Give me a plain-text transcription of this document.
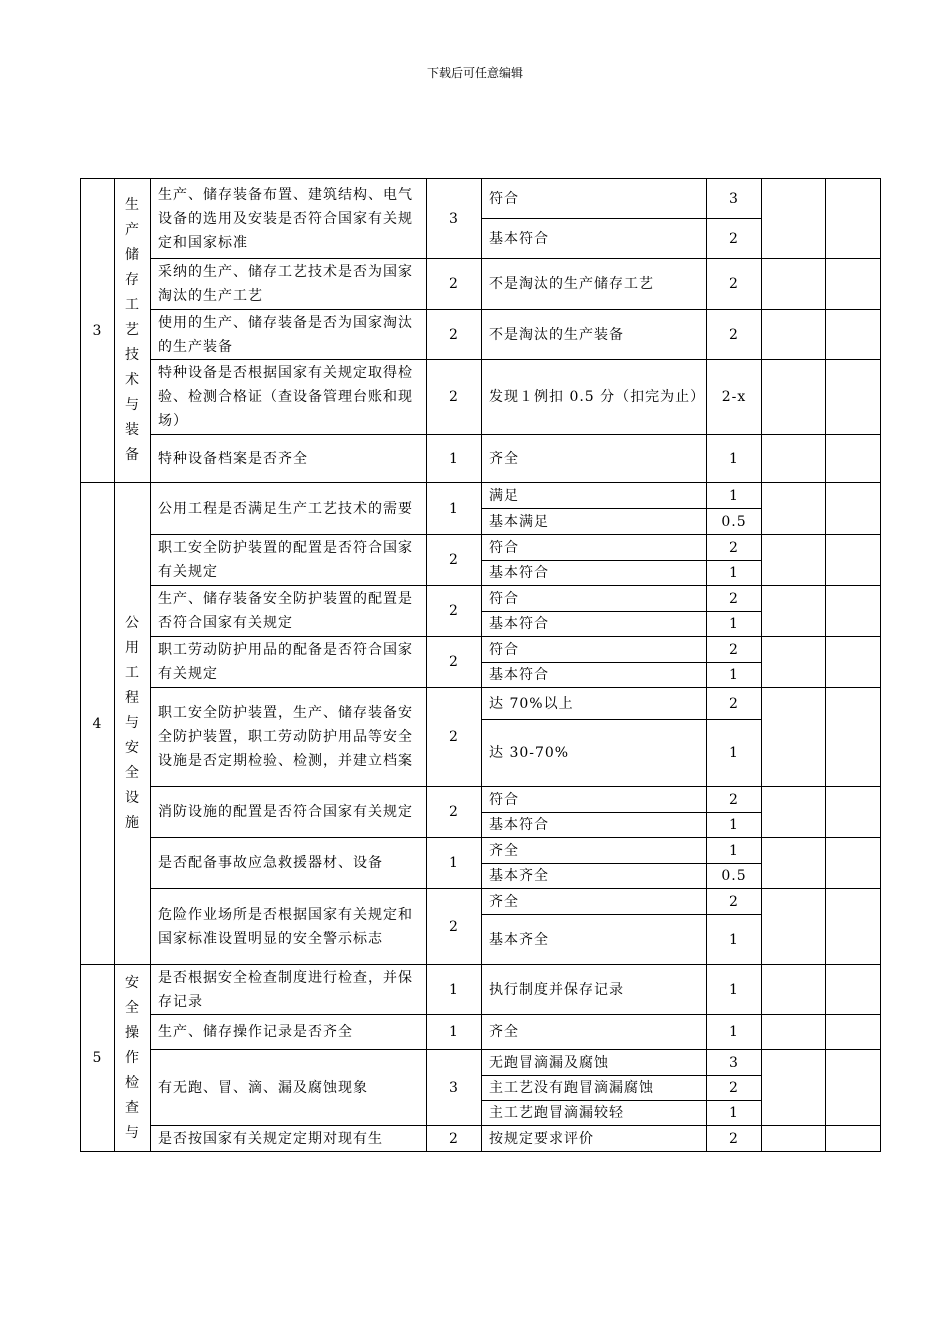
下载后可任意编辑
3	生产储存工艺技术与装备	生产、储存装备布置、建筑结构、电气设备的选用及安装是否符合国家有关规定和国家标准	3	符合	3		
				基本符合	2		
		采纳的生产、储存工艺技术是否为国家淘汰的生产工艺	2	不是淘汰的生产储存工艺	2		
		使用的生产、储存装备是否为国家淘汰的生产装备	2	不是淘汰的生产装备	2		
		特种设备是否根据国家有关规定取得检验、检测合格证（查设备管理台账和现场）	2	发现１例扣 0.5 分（扣完为止）	2-x		
		特种设备档案是否齐全	1	齐全	1		
4	公用工程与安全设施	公用工程是否满足生产工艺技术的需要	1	满足	1		
				基本满足	0.5		
		职工安全防护装置的配置是否符合国家有关规定	2	符合	2		
				基本符合	1		
		生产、储存装备安全防护装置的配置是否符合国家有关规定	2	符合	2		
				基本符合	1		
		职工劳动防护用品的配备是否符合国家有关规定	2	符合	2		
				基本符合	1		
		职工安全防护装置，生产、储存装备安全防护装置，职工劳动防护用品等安全设施是否定期检验、检测，并建立档案	2	达 70%以上	2		
				达 30-70%	1		
		消防设施的配置是否符合国家有关规定	2	符合	2		
				基本符合	1		
		是否配备事故应急救援器材、设备	1	齐全	1		
				基本齐全	0.5		
		危险作业场所是否根据国家有关规定和国家标准设置明显的安全警示标志	2	齐全	2		
				基本齐全	1		
5	安全操作检查与	是否根据安全检查制度进行检查，并保存记录	1	执行制度并保存记录	1		
		生产、储存操作记录是否齐全	1	齐全	1		
		有无跑、冒、滴、漏及腐蚀现象	3	无跑冒滴漏及腐蚀	3		
				主工艺没有跑冒滴漏腐蚀	2		
				主工艺跑冒滴漏较轻	1		
		是否按国家有关规定定期对现有生	2	按规定要求评价	2		
